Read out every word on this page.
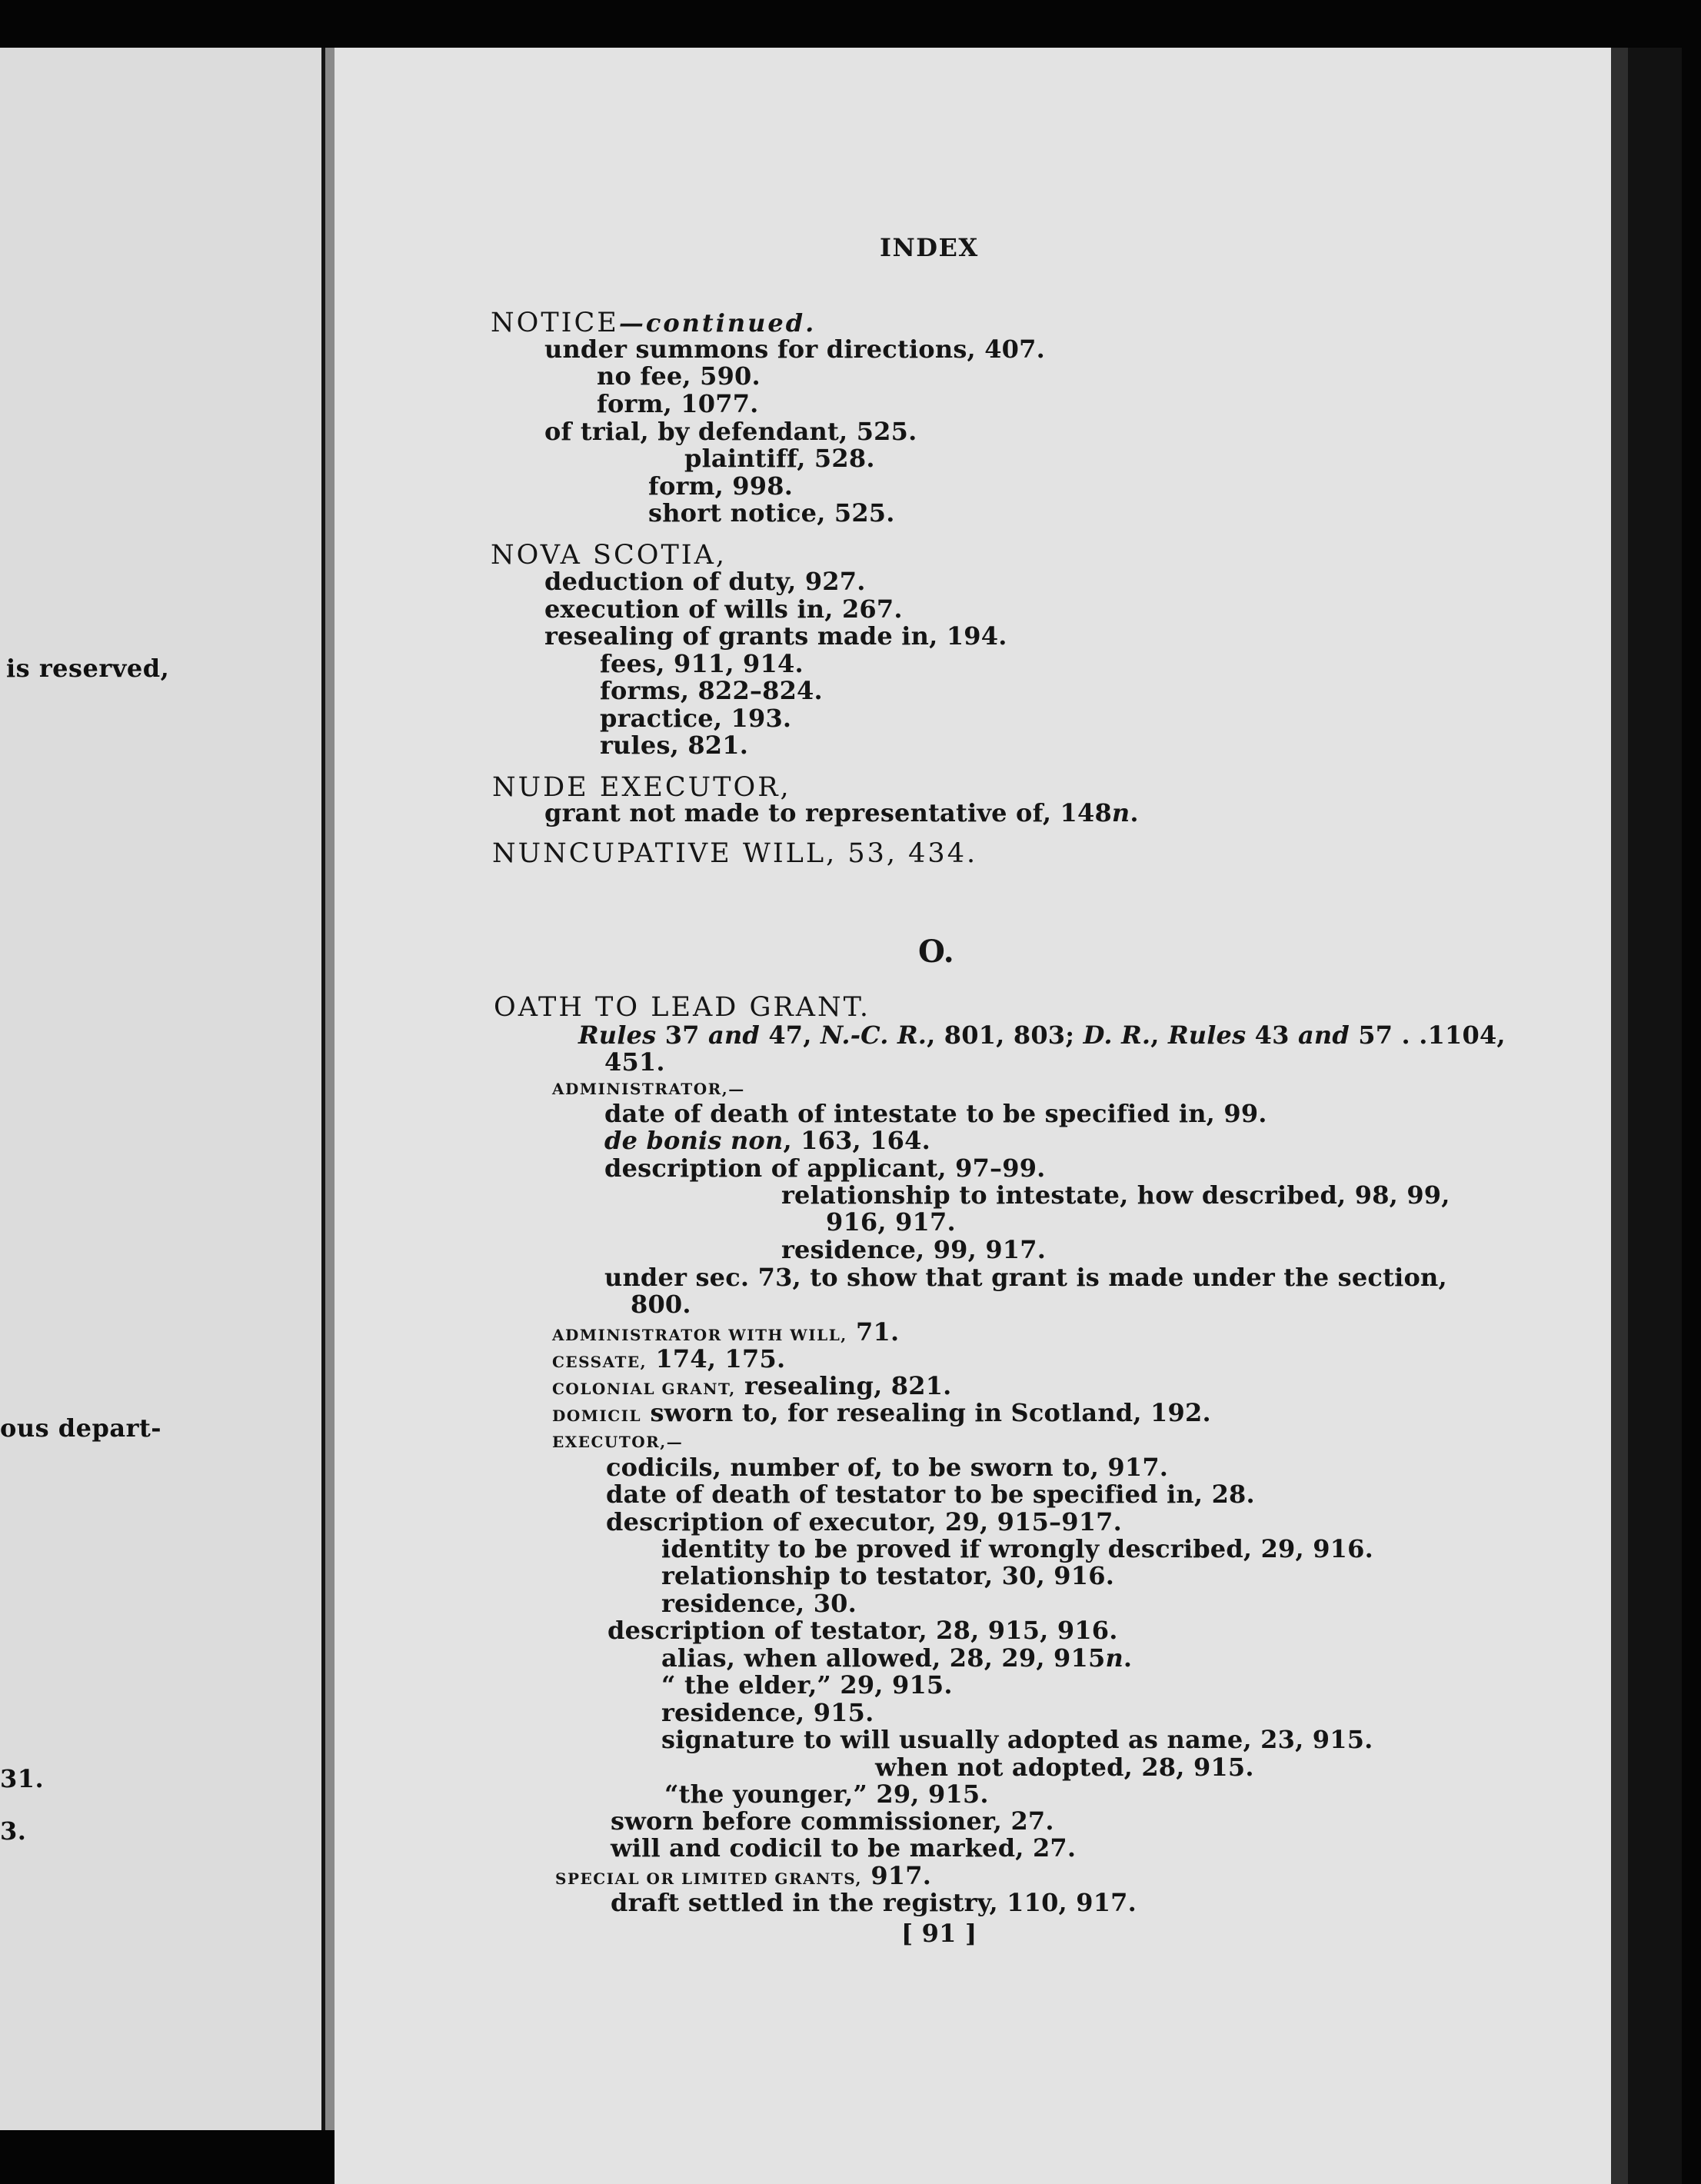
is reserved,
ous depart-
31.
3.
INDEX
NOTICE—continued.
under summons for directions, 407.
no fee, 590.
form, 1077.
of trial, by defendant, 525.
plaintiff, 528.
form, 998.
short notice, 525.
NOVA SCOTIA,
deduction of duty, 927.
execution of wills in, 267.
resealing of grants made in, 194.
fees, 911, 914.
forms, 822–824.
practice, 193.
rules, 821.
NUDE EXECUTOR,
grant not made to representative of, 148n.
NUNCUPATIVE WILL, 53, 434.
O.
OATH TO LEAD GRANT.
Rules 37 and 47, N.-C. R., 801, 803; D. R., Rules 43 and 57 . .1104,
451.
ADMINISTRATOR,—
date of death of intestate to be specified in, 99.
de bonis non, 163, 164.
description of applicant, 97–99.
relationship to intestate, how described, 98, 99,
916, 917.
residence, 99, 917.
under sec. 73, to show that grant is made under the section,
800.
ADMINISTRATOR WITH WILL, 71.
CESSATE, 174, 175.
COLONIAL GRANT, resealing, 821.
DOMICIL sworn to, for resealing in Scotland, 192.
EXECUTOR,—
codicils, number of, to be sworn to, 917.
date of death of testator to be specified in, 28.
description of executor, 29, 915–917.
identity to be proved if wrongly described, 29, 916.
relationship to testator, 30, 916.
residence, 30.
description of testator, 28, 915, 916.
alias, when allowed, 28, 29, 915n.
“ the elder,” 29, 915.
residence, 915.
signature to will usually adopted as name, 23, 915.
when not adopted, 28, 915.
“the younger,” 29, 915.
sworn before commissioner, 27.
will and codicil to be marked, 27.
SPECIAL OR LIMITED GRANTS, 917.
draft settled in the registry, 110, 917.
[ 91 ]
